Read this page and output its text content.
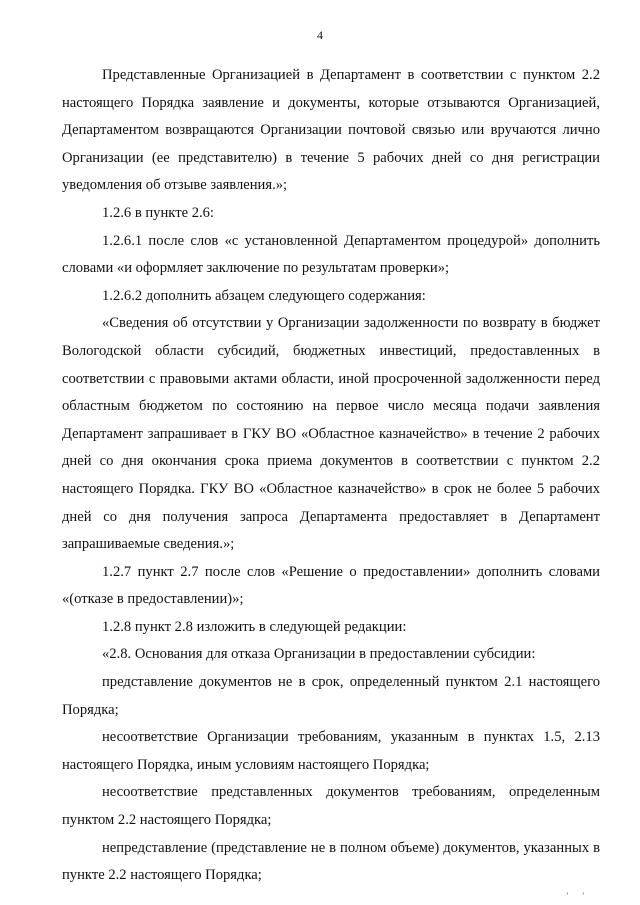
4

Представленные Организацией в Департамент в соответствии с пунктом 2.2 настоящего Порядка заявление и документы, которые отзываются Организацией, Департаментом возвращаются Организации почтовой связью или вручаются лично Организации (ее представителю) в течение 5 рабочих дней со дня регистрации уведомления об отзыве заявления.»;

1.2.6 в пункте 2.6:

1.2.6.1 после слов «с установленной Департаментом процедурой» дополнить словами «и оформляет заключение по результатам проверки»;

1.2.6.2 дополнить абзацем следующего содержания:

«Сведения об отсутствии у Организации задолженности по возврату в бюджет Вологодской области субсидий, бюджетных инвестиций, предоставленных в соответствии с правовыми актами области, иной просроченной задолженности перед областным бюджетом по состоянию на первое число месяца подачи заявления Департамент запрашивает в ГКУ ВО «Областное казначейство» в течение 2 рабочих дней со дня окончания срока приема документов в соответствии с пунктом 2.2 настоящего Порядка. ГКУ ВО «Областное казначейство» в срок не более 5 рабочих дней со дня получения запроса Департамента предоставляет в Департамент запрашиваемые сведения.»;

1.2.7 пункт 2.7 после слов «Решение о предоставлении» дополнить словами «(отказе в предоставлении)»;

1.2.8 пункт 2.8 изложить в следующей редакции:

«2.8. Основания для отказа Организации в предоставлении субсидии:

представление документов не в срок, определенный пунктом 2.1 настоящего Порядка;

несоответствие Организации требованиям, указанным в пунктах 1.5, 2.13 настоящего Порядка, иным условиям настоящего Порядка;

несоответствие представленных документов требованиям, определенным пунктом 2.2 настоящего Порядка;

непредставление (представление не в полном объеме) документов, указанных в пункте 2.2 настоящего Порядка;

' '
